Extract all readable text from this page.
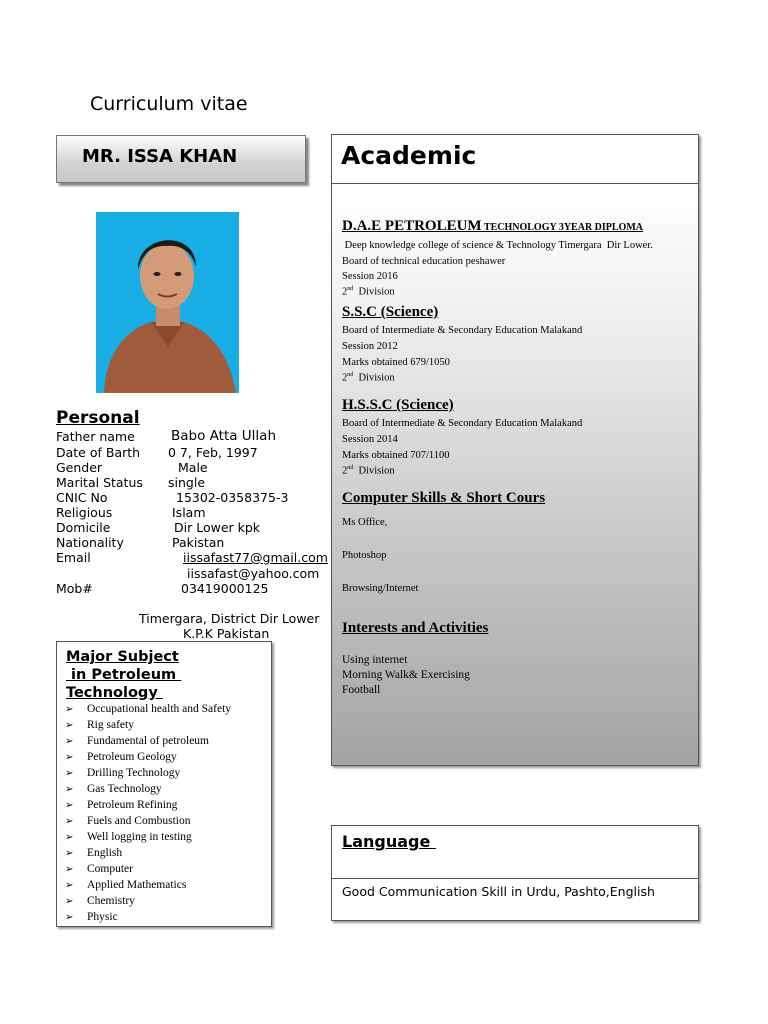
Curriculum vitae
MR. ISSA KHAN
Personal
Father name	Babo Atta Ullah
Date of Barth 0 7, Feb, 1997
Gender	Male
Marital Status single
CNIC No	15302-0358375-3
Religious	Islam
Domicile	Dir Lower kpk
Nationality	Pakistan
Email	iissafast77@gmail.com
iissafast@yahoo.com
Mob#	03419000125
Timergara, District Dir Lower
K.P.K Pakistan
Major Subject
in Petroleum
Technology
➢ Occupational health and Safety
➢ Rig safety
➢ Fundamental of petroleum
➢ Petroleum Geology
➢ Drilling Technology
➢ Gas Technology
➢ Petroleum Refining
➢ Fuels and Combustion
➢ Well logging in testing
➢ English
➢ Computer
➢ Applied Mathematics
➢ Chemistry
➢ Physic
Academic
D.A.E PETROLEUM TECHNOLOGY 3YEAR DIPLOMA
Deep knowledge college of science & Technology Timergara  Dir Lower.
Board of technical education peshawer
Session 2016
2nd  Division
S.S.C (Science)
Board of Intermediate & Secondary Education Malakand
Session 2012
Marks obtained 679/1050
2nd  Division
H.S.S.C (Science)
Board of Intermediate & Secondary Education Malakand
Session 2014
Marks obtained 707/1100
2nd  Division
Computer Skills & Short Cours
Ms Office,
Photoshop
Browsing/Internet
Interests and Activities
Using internet
Morning Walk& Exercising
Football
Language
Good Communication Skill in Urdu, Pashto,English
